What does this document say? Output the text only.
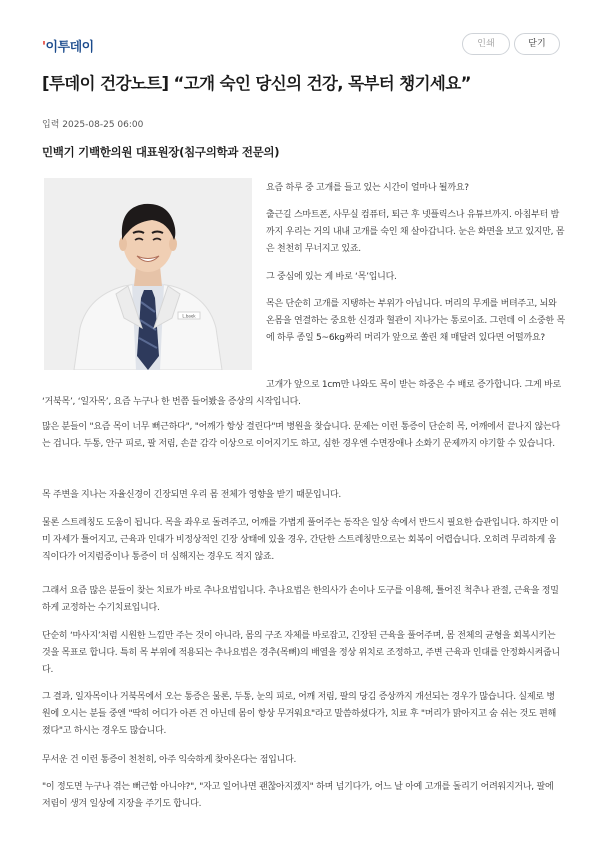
'이투데이	인쇄	닫기
[투데이 건강노트] “고개 숙인 당신의 건강, 목부터 챙기세요”
입력 2025-08-25 06:00
민백기 기백한의원 대표원장(침구의학과 전문의)
L.baek

요즘 하루 중 고개를 들고 있는 시간이 얼마나 될까요?

출근길 스마트폰, 사무실 컴퓨터, 퇴근 후 넷플릭스나 유튜브까지. 아침부터 밤까지 우리는 거의 내내 고개를 숙인 채 살아갑니다. 눈은 화면을 보고 있지만, 몸은 천천히 무너지고 있죠.

그 중심에 있는 게 바로 ‘목’입니다.

목은 단순히 고개를 지탱하는 부위가 아닙니다. 머리의 무게를 버텨주고, 뇌와 온몸을 연결하는 중요한 신경과 혈관이 지나가는 통로이죠. 그런데 이 소중한 목에 하루 종일 5~6kg짜리 머리가 앞으로 쏠린 채 매달려 있다면 어떨까요?

고개가 앞으로 1cm만 나와도 목이 받는 하중은 수 배로 증가합니다. 그게 바로 ‘거북목’, ‘일자목’, 요즘 누구나 한 번쯤 들어봤을 증상의 시작입니다.

많은 분들이 "요즘 목이 너무 뻐근하다", "어깨가 항상 결린다"며 병원을 찾습니다. 문제는 이런 통증이 단순히 목, 어깨에서 끝나지 않는다는 겁니다. 두통, 안구 피로, 팔 저림, 손끝 감각 이상으로 이어지기도 하고, 심한 경우엔 수면장애나 소화기 문제까지 야기할 수 있습니다.

목 주변을 지나는 자율신경이 긴장되면 우리 몸 전체가 영향을 받기 때문입니다.

물론 스트레칭도 도움이 됩니다. 목을 좌우로 돌려주고, 어깨를 가볍게 풀어주는 동작은 일상 속에서 반드시 필요한 습관입니다. 하지만 이미 자세가 틀어지고, 근육과 인대가 비정상적인 긴장 상태에 있을 경우, 간단한 스트레칭만으로는 회복이 어렵습니다. 오히려 무리하게 움직이다가 어지럼증이나 통증이 더 심해지는 경우도 적지 않죠.

그래서 요즘 많은 분들이 찾는 치료가 바로 추나요법입니다. 추나요법은 한의사가 손이나 도구를 이용해, 틀어진 척추나 관절, 근육을 정밀하게 교정하는 수기치료입니다.

단순히 ‘마사지’처럼 시원한 느낌만 주는 것이 아니라, 몸의 구조 자체를 바로잡고, 긴장된 근육을 풀어주며, 몸 전체의 균형을 회복시키는 것을 목표로 합니다. 특히 목 부위에 적용되는 추나요법은 경추(목뼈)의 배열을 정상 위치로 조정하고, 주변 근육과 인대를 안정화시켜줍니다.

그 결과, 일자목이나 거북목에서 오는 통증은 물론, 두통, 눈의 피로, 어깨 저림, 팔의 당김 증상까지 개선되는 경우가 많습니다. 실제로 병원에 오시는 분들 중엔 "딱히 어디가 아픈 건 아닌데 몸이 항상 무거워요"라고 말씀하셨다가, 치료 후 "머리가 맑아지고 숨 쉬는 것도 편해졌다"고 하시는 경우도 많습니다.

무서운 건 이런 통증이 천천히, 아주 익숙하게 찾아온다는 점입니다.

"이 정도면 누구나 겪는 뻐근함 아니야?", "자고 일어나면 괜찮아지겠지" 하며 넘기다가, 어느 날 아예 고개를 돌리기 어려워지거나, 팔에 저림이 생겨 일상에 지장을 주기도 합니다.
